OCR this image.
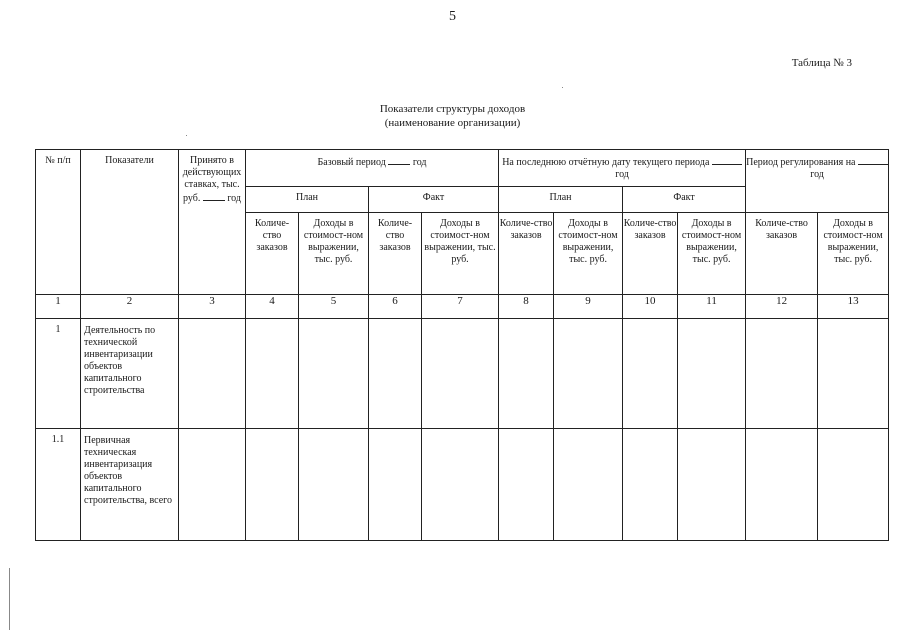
5
Таблица № 3
Показатели структуры доходов
(наименование организации)
№ п/п	Показатели	Принято в действующих ставках, тыс. руб. год	Базовый период год				На последнюю отчётную дату текущего периода  год				Период регулирования на  год	
			План		Факт		План		Факт			
			Количе-ство заказов	Доходы в стоимост-ном выражении, тыс. руб.	Количе-ство заказов	Доходы в стоимост-ном выражении, тыс. руб.	Количе-ство заказов	Доходы в стоимост-ном выражении, тыс. руб.	Количе-ство заказов	Доходы в стоимост-ном выражении, тыс. руб.	Количе-ство заказов	Доходы в стоимост-ном выражении, тыс. руб.
1	2	3	4	5	6	7	8	9	10	11	12	13
1	Деятельность по технической инвентаризации объектов капитального строительства											
1.1	Первичная техническая инвентаризация объектов капитального строительства, всего											
